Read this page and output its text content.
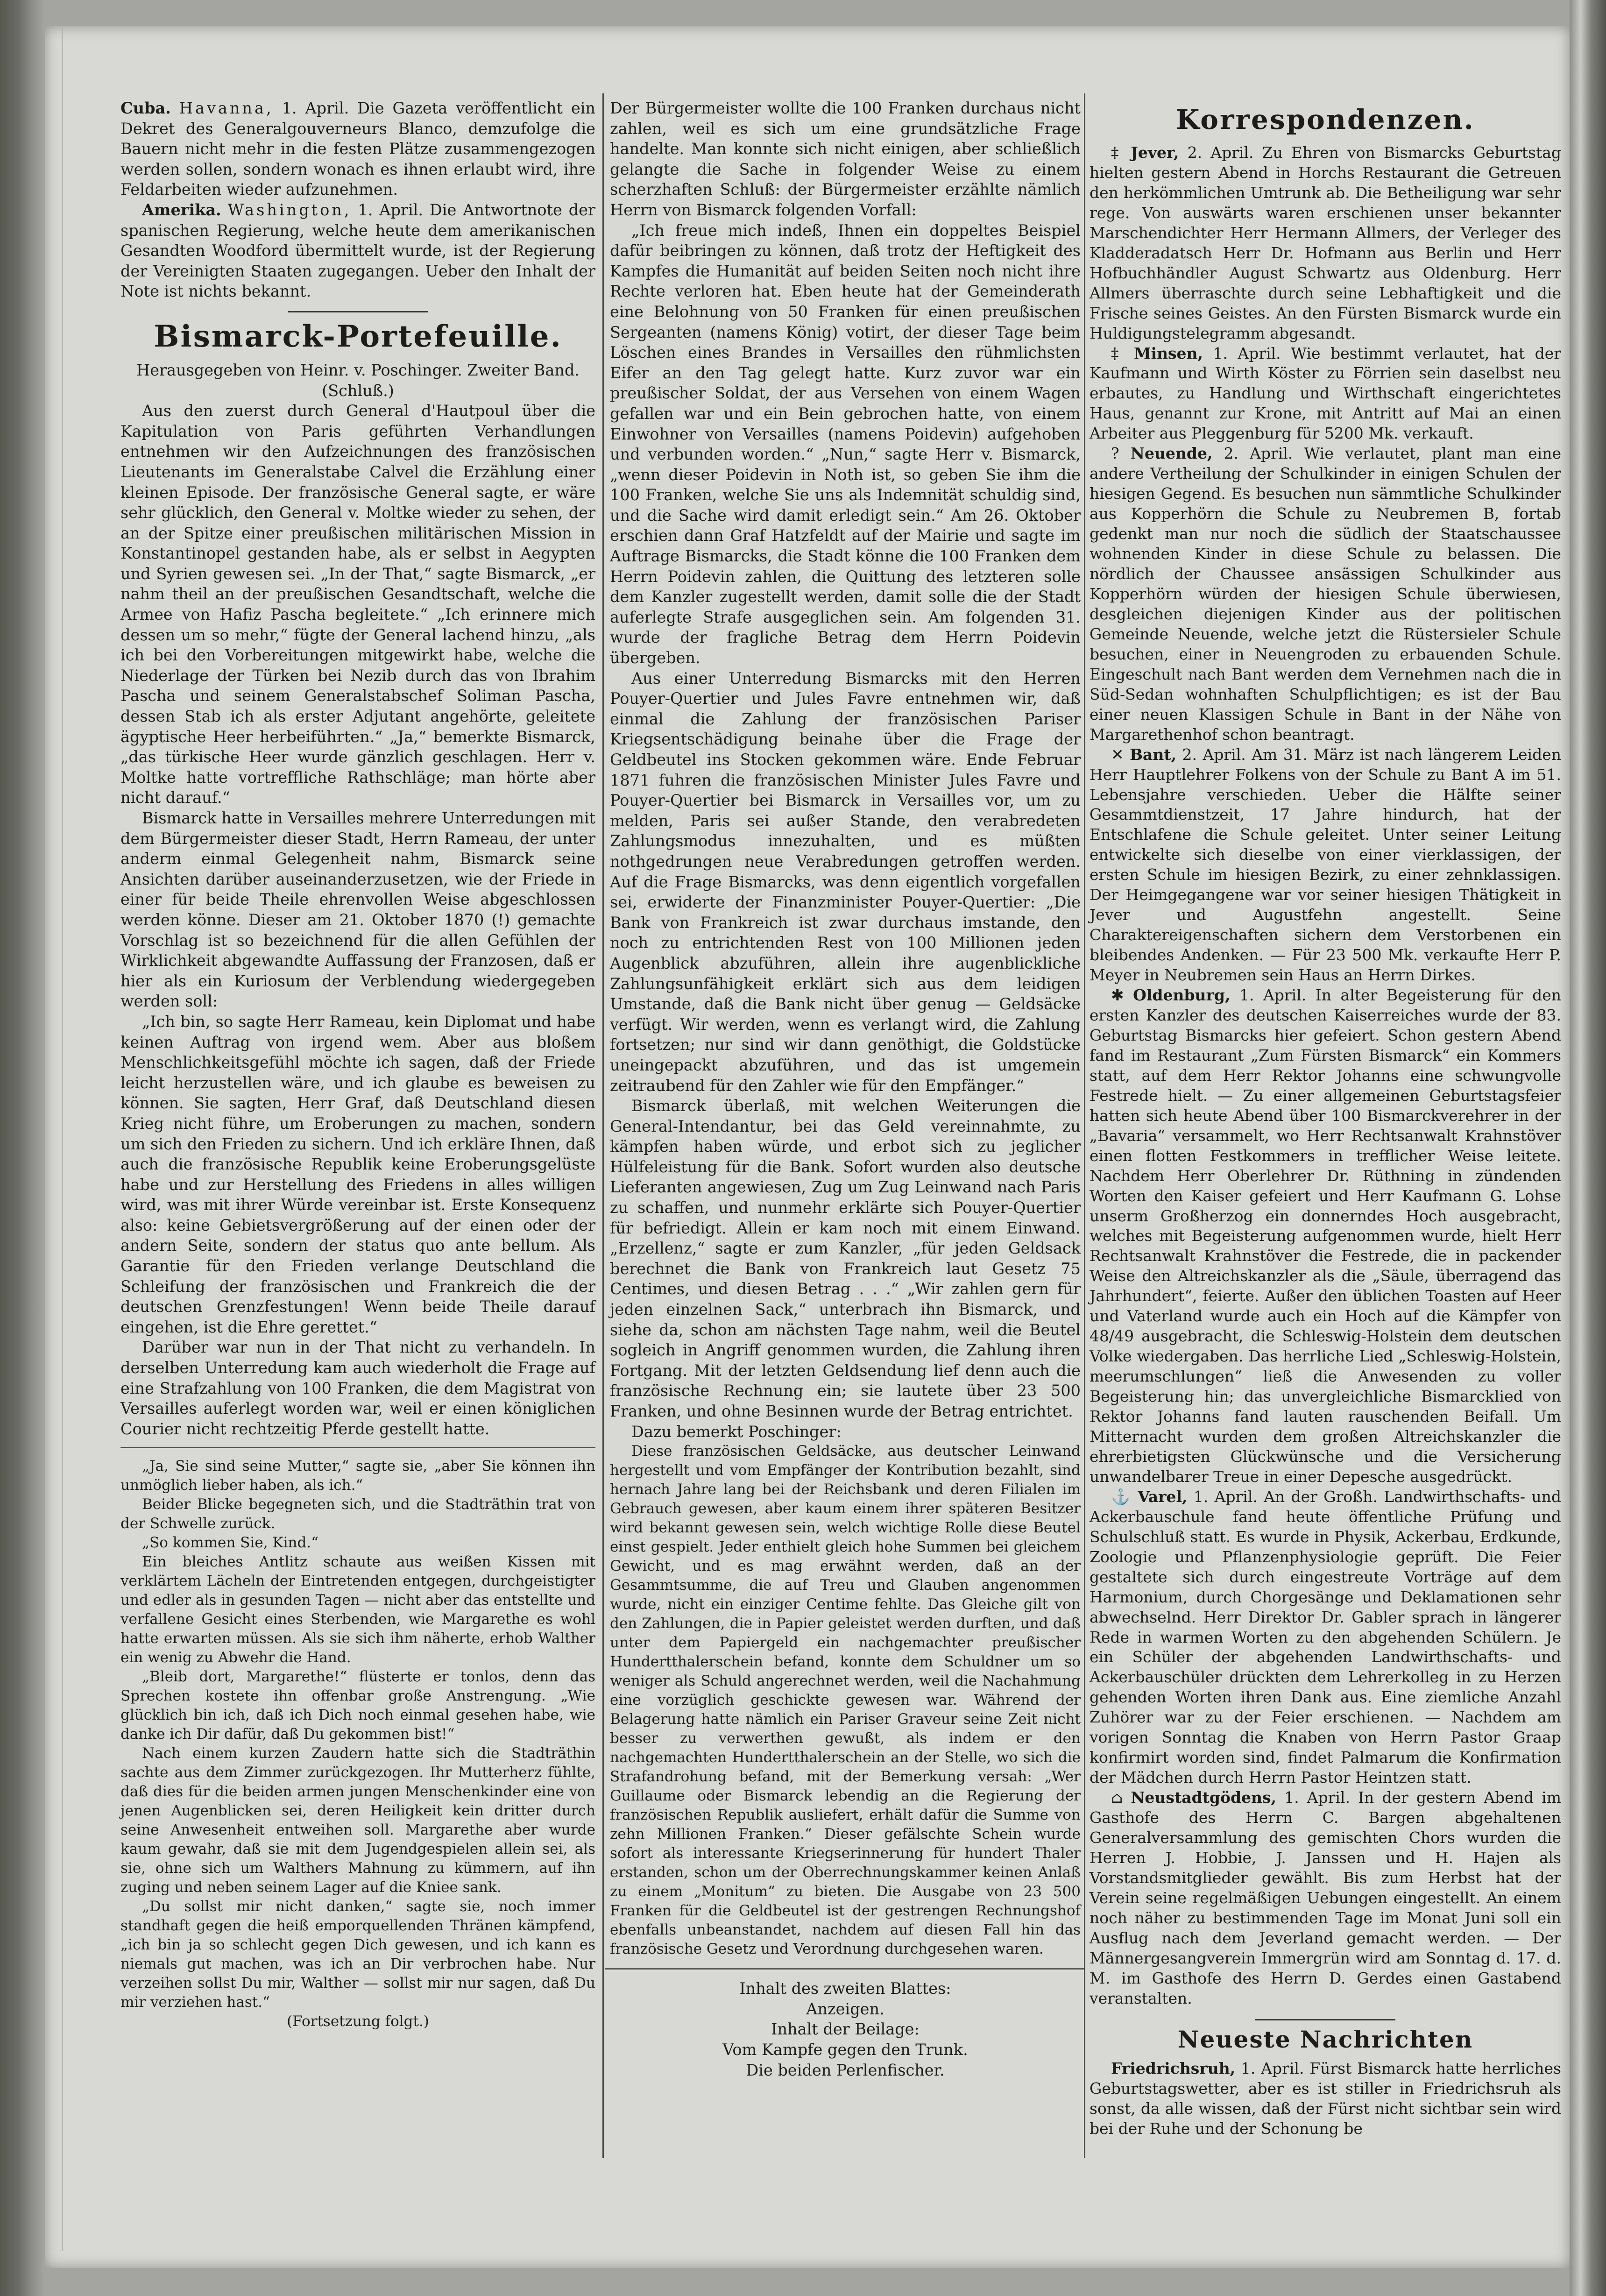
Cuba. Havanna, 1. April. Die Gazeta veröffentlicht ein Dekret des Generalgouverneurs Blanco, demzufolge die Bauern nicht mehr in die festen Plätze zusammengezogen werden sollen, sondern wonach es ihnen erlaubt wird, ihre Feldarbeiten wieder aufzunehmen.

Amerika. Washington, 1. April. Die Antwortnote der spanischen Regierung, welche heute dem amerikanischen Gesandten Woodford übermittelt wurde, ist der Regierung der Vereinigten Staaten zugegangen. Ueber den Inhalt der Note ist nichts bekannt.

Bismarck-Portefeuille.

Herausgegeben von Heinr. v. Poschinger. Zweiter Band.

(Schluß.)

Aus den zuerst durch General d'Hautpoul über die Kapitulation von Paris geführten Verhandlungen entnehmen wir den Aufzeichnungen des französischen Lieutenants im Generalstabe Calvel die Erzählung einer kleinen Episode. Der französische General sagte, er wäre sehr glücklich, den General v. Moltke wieder zu sehen, der an der Spitze einer preußischen militärischen Mission in Konstantinopel gestanden habe, als er selbst in Aegypten und Syrien gewesen sei. „In der That,“ sagte Bismarck, „er nahm theil an der preußischen Gesandtschaft, welche die Armee von Hafiz Pascha begleitete.“ „Ich erinnere mich dessen um so mehr,“ fügte der General lachend hinzu, „als ich bei den Vorbereitungen mitgewirkt habe, welche die Niederlage der Türken bei Nezib durch das von Ibrahim Pascha und seinem Generalstabschef Soliman Pascha, dessen Stab ich als erster Adjutant angehörte, geleitete ägyptische Heer herbeiführten.“ „Ja,“ bemerkte Bismarck, „das türkische Heer wurde gänzlich geschlagen. Herr v. Moltke hatte vortreffliche Rathschläge; man hörte aber nicht darauf.“

Bismarck hatte in Versailles mehrere Unterredungen mit dem Bürgermeister dieser Stadt, Herrn Rameau, der unter anderm einmal Gelegenheit nahm, Bismarck seine Ansichten darüber auseinanderzusetzen, wie der Friede in einer für beide Theile ehrenvollen Weise abgeschlossen werden könne. Dieser am 21. Oktober 1870 (!) gemachte Vorschlag ist so bezeichnend für die allen Gefühlen der Wirklichkeit abgewandte Auffassung der Franzosen, daß er hier als ein Kuriosum der Verblendung wiedergegeben werden soll:

„Ich bin, so sagte Herr Rameau, kein Diplomat und habe keinen Auftrag von irgend wem. Aber aus bloßem Menschlichkeitsgefühl möchte ich sagen, daß der Friede leicht herzustellen wäre, und ich glaube es beweisen zu können. Sie sagten, Herr Graf, daß Deutschland diesen Krieg nicht führe, um Eroberungen zu machen, sondern um sich den Frieden zu sichern. Und ich erkläre Ihnen, daß auch die französische Republik keine Eroberungsgelüste habe und zur Herstellung des Friedens in alles willigen wird, was mit ihrer Würde vereinbar ist. Erste Konsequenz also: keine Gebietsvergrößerung auf der einen oder der andern Seite, sondern der status quo ante bellum. Als Garantie für den Frieden verlange Deutschland die Schleifung der französischen und Frankreich die der deutschen Grenzfestungen! Wenn beide Theile darauf eingehen, ist die Ehre gerettet.“

Darüber war nun in der That nicht zu verhandeln. In derselben Unterredung kam auch wiederholt die Frage auf eine Strafzahlung von 100 Franken, die dem Magistrat von Versailles auferlegt worden war, weil er einen königlichen Courier nicht rechtzeitig Pferde gestellt hatte.

„Ja, Sie sind seine Mutter,“ sagte sie, „aber Sie können ihn unmöglich lieber haben, als ich.“

Beider Blicke begegneten sich, und die Stadträthin trat von der Schwelle zurück.

„So kommen Sie, Kind.“

Ein bleiches Antlitz schaute aus weißen Kissen mit verklärtem Lächeln der Eintretenden entgegen, durchgeistigter und edler als in gesunden Tagen — nicht aber das entstellte und verfallene Gesicht eines Sterbenden, wie Margarethe es wohl hatte erwarten müssen. Als sie sich ihm näherte, erhob Walther ein wenig zu Abwehr die Hand.

„Bleib dort, Margarethe!“ flüsterte er tonlos, denn das Sprechen kostete ihn offenbar große Anstrengung. „Wie glücklich bin ich, daß ich Dich noch einmal gesehen habe, wie danke ich Dir dafür, daß Du gekommen bist!“

Nach einem kurzen Zaudern hatte sich die Stadträthin sachte aus dem Zimmer zurückgezogen. Ihr Mutterherz fühlte, daß dies für die beiden armen jungen Menschenkinder eine von jenen Augenblicken sei, deren Heiligkeit kein dritter durch seine Anwesenheit entweihen soll. Margarethe aber wurde kaum gewahr, daß sie mit dem Jugendgespielen allein sei, als sie, ohne sich um Walthers Mahnung zu kümmern, auf ihn zuging und neben seinem Lager auf die Kniee sank.

„Du sollst mir nicht danken,“ sagte sie, noch immer standhaft gegen die heiß emporquellenden Thränen kämpfend, „ich bin ja so schlecht gegen Dich gewesen, und ich kann es niemals gut machen, was ich an Dir verbrochen habe. Nur verzeihen sollst Du mir, Walther — sollst mir nur sagen, daß Du mir verziehen hast.“

(Fortsetzung folgt.)

Der Bürgermeister wollte die 100 Franken durchaus nicht zahlen, weil es sich um eine grundsätzliche Frage handelte. Man konnte sich nicht einigen, aber schließlich gelangte die Sache in folgender Weise zu einem scherzhaften Schluß: der Bürgermeister erzählte nämlich Herrn von Bismarck folgenden Vorfall:

„Ich freue mich indeß, Ihnen ein doppeltes Beispiel dafür beibringen zu können, daß trotz der Heftigkeit des Kampfes die Humanität auf beiden Seiten noch nicht ihre Rechte verloren hat. Eben heute hat der Gemeinderath eine Belohnung von 50 Franken für einen preußischen Sergeanten (namens König) votirt, der dieser Tage beim Löschen eines Brandes in Versailles den rühmlichsten Eifer an den Tag gelegt hatte. Kurz zuvor war ein preußischer Soldat, der aus Versehen von einem Wagen gefallen war und ein Bein gebrochen hatte, von einem Einwohner von Versailles (namens Poidevin) aufgehoben und verbunden worden.“ „Nun,“ sagte Herr v. Bismarck, „wenn dieser Poidevin in Noth ist, so geben Sie ihm die 100 Franken, welche Sie uns als Indemnität schuldig sind, und die Sache wird damit erledigt sein.“ Am 26. Oktober erschien dann Graf Hatzfeldt auf der Mairie und sagte im Auftrage Bismarcks, die Stadt könne die 100 Franken dem Herrn Poidevin zahlen, die Quittung des letzteren solle dem Kanzler zugestellt werden, damit solle die der Stadt auferlegte Strafe ausgeglichen sein. Am folgenden 31. wurde der fragliche Betrag dem Herrn Poidevin übergeben.

Aus einer Unterredung Bismarcks mit den Herren Pouyer-Quertier und Jules Favre entnehmen wir, daß einmal die Zahlung der französischen Pariser Kriegsentschädigung beinahe über die Frage der Geldbeutel ins Stocken gekommen wäre. Ende Februar 1871 fuhren die französischen Minister Jules Favre und Pouyer-Quertier bei Bismarck in Versailles vor, um zu melden, Paris sei außer Stande, den verabredeten Zahlungsmodus innezuhalten, und es müßten nothgedrungen neue Verabredungen getroffen werden. Auf die Frage Bismarcks, was denn eigentlich vorgefallen sei, erwiderte der Finanzminister Pouyer-Quertier: „Die Bank von Frankreich ist zwar durchaus imstande, den noch zu entrichtenden Rest von 100 Millionen jeden Augenblick abzuführen, allein ihre augenblickliche Zahlungsunfähigkeit erklärt sich aus dem leidigen Umstande, daß die Bank nicht über genug — Geldsäcke verfügt. Wir werden, wenn es verlangt wird, die Zahlung fortsetzen; nur sind wir dann genöthigt, die Goldstücke uneingepackt abzuführen, und das ist umgemein zeitraubend für den Zahler wie für den Empfänger.“

Bismarck überlaß, mit welchen Weiterungen die General-Intendantur, bei das Geld vereinnahmte, zu kämpfen haben würde, und erbot sich zu jeglicher Hülfeleistung für die Bank. Sofort wurden also deutsche Lieferanten angewiesen, Zug um Zug Leinwand nach Paris zu schaffen, und nunmehr erklärte sich Pouyer-Quertier für befriedigt. Allein er kam noch mit einem Einwand. „Erzellenz,“ sagte er zum Kanzler, „für jeden Geldsack berechnet die Bank von Frankreich laut Gesetz 75 Centimes, und diesen Betrag . . .“ „Wir zahlen gern für jeden einzelnen Sack,“ unterbrach ihn Bismarck, und siehe da, schon am nächsten Tage nahm, weil die Beutel sogleich in Angriff genommen wurden, die Zahlung ihren Fortgang. Mit der letzten Geldsendung lief denn auch die französische Rechnung ein; sie lautete über 23 500 Franken, und ohne Besinnen wurde der Betrag entrichtet.

Dazu bemerkt Poschinger:

Diese französischen Geldsäcke, aus deutscher Leinwand hergestellt und vom Empfänger der Kontribution bezahlt, sind hernach Jahre lang bei der Reichsbank und deren Filialen im Gebrauch gewesen, aber kaum einem ihrer späteren Besitzer wird bekannt gewesen sein, welch wichtige Rolle diese Beutel einst gespielt. Jeder enthielt gleich hohe Summen bei gleichem Gewicht, und es mag erwähnt werden, daß an der Gesammtsumme, die auf Treu und Glauben angenommen wurde, nicht ein einziger Centime fehlte. Das Gleiche gilt von den Zahlungen, die in Papier geleistet werden durften, und daß unter dem Papiergeld ein nachgemachter preußischer Hundertthalerschein befand, konnte dem Schuldner um so weniger als Schuld angerechnet werden, weil die Nachahmung eine vorzüglich geschickte gewesen war. Während der Belagerung hatte nämlich ein Pariser Graveur seine Zeit nicht besser zu verwerthen gewußt, als indem er den nachgemachten Hundertthalerschein an der Stelle, wo sich die Strafandrohung befand, mit der Bemerkung versah: „Wer Guillaume oder Bismarck lebendig an die Regierung der französischen Republik ausliefert, erhält dafür die Summe von zehn Millionen Franken.“ Dieser gefälschte Schein wurde sofort als interessante Kriegserinnerung für hundert Thaler erstanden, schon um der Oberrechnungskammer keinen Anlaß zu einem „Monitum“ zu bieten. Die Ausgabe von 23 500 Franken für die Geldbeutel ist der gestrengen Rechnungshof ebenfalls unbeanstandet, nachdem auf diesen Fall hin das französische Gesetz und Verordnung durchgesehen waren.

Inhalt des zweiten Blattes:
Anzeigen.
Inhalt der Beilage:
Vom Kampfe gegen den Trunk.
Die beiden Perlenfischer.
Korrespondenzen.

‡ Jever, 2. April. Zu Ehren von Bismarcks Geburtstag hielten gestern Abend in Horchs Restaurant die Getreuen den herkömmlichen Umtrunk ab. Die Betheiligung war sehr rege. Von auswärts waren erschienen unser bekannter Marschendichter Herr Hermann Allmers, der Verleger des Kladderadatsch Herr Dr. Hofmann aus Berlin und Herr Hofbuchhändler August Schwartz aus Oldenburg. Herr Allmers überraschte durch seine Lebhaftigkeit und die Frische seines Geistes. An den Fürsten Bismarck wurde ein Huldigungstelegramm abgesandt.

‡ Minsen, 1. April. Wie bestimmt verlautet, hat der Kaufmann und Wirth Köster zu Förrien sein daselbst neu erbautes, zu Handlung und Wirthschaft eingerichtetes Haus, genannt zur Krone, mit Antritt auf Mai an einen Arbeiter aus Pleggenburg für 5200 Mk. verkauft.

? Neuende, 2. April. Wie verlautet, plant man eine andere Vertheilung der Schulkinder in einigen Schulen der hiesigen Gegend. Es besuchen nun sämmtliche Schulkinder aus Kopperhörn die Schule zu Neubremen B, fortab gedenkt man nur noch die südlich der Staatschaussee wohnenden Kinder in diese Schule zu belassen. Die nördlich der Chaussee ansässigen Schulkinder aus Kopperhörn würden der hiesigen Schule überwiesen, desgleichen diejenigen Kinder aus der politischen Gemeinde Neuende, welche jetzt die Rüstersieler Schule besuchen, einer in Neuengroden zu erbauenden Schule. Eingeschult nach Bant werden dem Vernehmen nach die in Süd-Sedan wohnhaften Schulpflichtigen; es ist der Bau einer neuen Klassigen Schule in Bant in der Nähe von Margarethenhof schon beantragt.

✕ Bant, 2. April. Am 31. März ist nach längerem Leiden Herr Hauptlehrer Folkens von der Schule zu Bant A im 51. Lebensjahre verschieden. Ueber die Hälfte seiner Gesammtdienstzeit, 17 Jahre hindurch, hat der Entschlafene die Schule geleitet. Unter seiner Leitung entwickelte sich dieselbe von einer vierklassigen, der ersten Schule im hiesigen Bezirk, zu einer zehnklassigen. Der Heimgegangene war vor seiner hiesigen Thätigkeit in Jever und Augustfehn angestellt. Seine Charaktereigenschaften sichern dem Verstorbenen ein bleibendes Andenken. — Für 23 500 Mk. verkaufte Herr P. Meyer in Neubremen sein Haus an Herrn Dirkes.

✱ Oldenburg, 1. April. In alter Begeisterung für den ersten Kanzler des deutschen Kaiserreiches wurde der 83. Geburtstag Bismarcks hier gefeiert. Schon gestern Abend fand im Restaurant „Zum Fürsten Bismarck“ ein Kommers statt, auf dem Herr Rektor Johanns eine schwungvolle Festrede hielt. — Zu einer allgemeinen Geburtstagsfeier hatten sich heute Abend über 100 Bismarckverehrer in der „Bavaria“ versammelt, wo Herr Rechtsanwalt Krahnstöver einen flotten Festkommers in trefflicher Weise leitete. Nachdem Herr Oberlehrer Dr. Rüthning in zündenden Worten den Kaiser gefeiert und Herr Kaufmann G. Lohse unserm Großherzog ein donnerndes Hoch ausgebracht, welches mit Begeisterung aufgenommen wurde, hielt Herr Rechtsanwalt Krahnstöver die Festrede, die in packender Weise den Altreichskanzler als die „Säule, überragend das Jahrhundert“, feierte. Außer den üblichen Toasten auf Heer und Vaterland wurde auch ein Hoch auf die Kämpfer von 48/49 ausgebracht, die Schleswig-Holstein dem deutschen Volke wiedergaben. Das herrliche Lied „Schleswig-Holstein, meerumschlungen“ ließ die Anwesenden zu voller Begeisterung hin; das unvergleichliche Bismarcklied von Rektor Johanns fand lauten rauschenden Beifall. Um Mitternacht wurden dem großen Altreichskanzler die ehrerbietigsten Glückwünsche und die Versicherung unwandelbarer Treue in einer Depesche ausgedrückt.

⚓ Varel, 1. April. An der Großh. Landwirthschafts- und Ackerbauschule fand heute öffentliche Prüfung und Schulschluß statt. Es wurde in Physik, Ackerbau, Erdkunde, Zoologie und Pflanzenphysiologie geprüft. Die Feier gestaltete sich durch eingestreute Vorträge auf dem Harmonium, durch Chorgesänge und Deklamationen sehr abwechselnd. Herr Direktor Dr. Gabler sprach in längerer Rede in warmen Worten zu den abgehenden Schülern. Je ein Schüler der abgehenden Landwirthschafts- und Ackerbauschüler drückten dem Lehrerkolleg in zu Herzen gehenden Worten ihren Dank aus. Eine ziemliche Anzahl Zuhörer war zu der Feier erschienen. — Nachdem am vorigen Sonntag die Knaben von Herrn Pastor Graap konfirmirt worden sind, findet Palmarum die Konfirmation der Mädchen durch Herrn Pastor Heintzen statt.

⌂ Neustadtgödens, 1. April. In der gestern Abend im Gasthofe des Herrn C. Bargen abgehaltenen Generalversammlung des gemischten Chors wurden die Herren J. Hobbie, J. Janssen und H. Hajen als Vorstandsmitglieder gewählt. Bis zum Herbst hat der Verein seine regelmäßigen Uebungen eingestellt. An einem noch näher zu bestimmenden Tage im Monat Juni soll ein Ausflug nach dem Jeverland gemacht werden. — Der Männergesangverein Immergrün wird am Sonntag d. 17. d. M. im Gasthofe des Herrn D. Gerdes einen Gastabend veranstalten.

Neueste Nachrichten

Friedrichsruh, 1. April. Fürst Bismarck hatte herrliches Geburtstagswetter, aber es ist stiller in Friedrichsruh als sonst, da alle wissen, daß der Fürst nicht sichtbar sein wird bei der Ruhe und der Schonung be
